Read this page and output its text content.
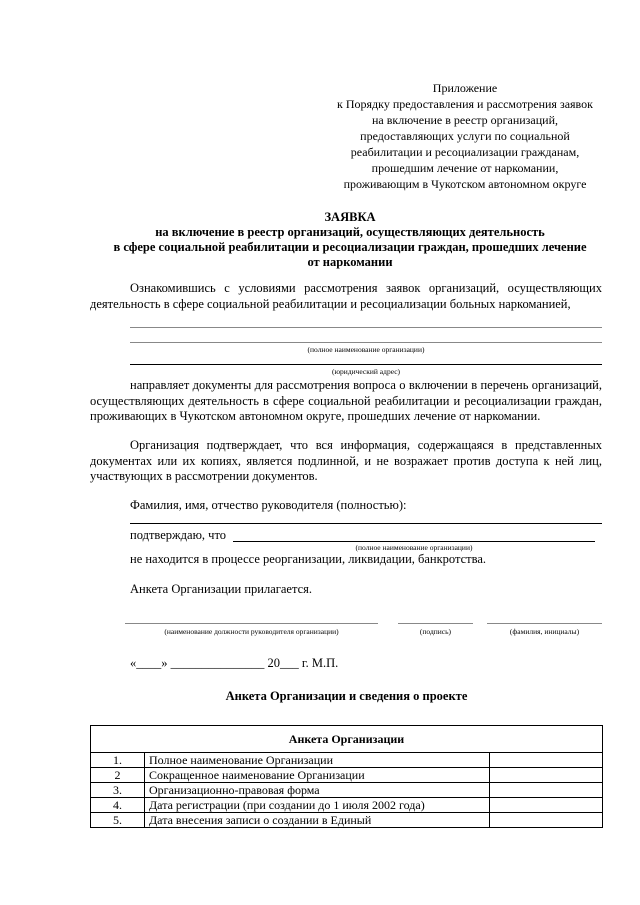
Приложение
к Порядку предоставления и рассмотрения заявок
на включение в реестр организаций,
предоставляющих услуги по социальной
реабилитации и ресоциализации гражданам,
прошедшим лечение от наркомании,
проживающим в Чукотском автономном округе
ЗАЯВКА
на включение в реестр организаций, осуществляющих деятельность
в сфере социальной реабилитации и ресоциализации граждан, прошедших лечение
от наркомании
Ознакомившись с условиями рассмотрения заявок организаций, осуществляющих деятельность в сфере социальной реабилитации и ресоциализации больных наркоманией,
(полное наименование организации)
(юридический адрес)
направляет документы для рассмотрения вопроса о включении в перечень организаций, осуществляющих деятельность в сфере социальной реабилитации и ресоциализации граждан, проживающих в Чукотском автономном округе, прошедших лечение от наркомании.
Организация подтверждает, что вся информация, содержащаяся в представленных документах или их копиях, является подлинной, и не возражает против доступа к ней лиц, участвующих в рассмотрении документов.
Фамилия, имя, отчество руководителя (полностью):
подтверждаю, что
(полное наименование организации)
не находится в процессе реорганизации, ликвидации, банкротства.
Анкета Организации прилагается.
(наименование должности руководителя организации)	(подпись)	(фамилия, инициалы)
«____» _______________ 20___ г. М.П.
Анкета Организации и сведения о проекте
Анкета Организации		
1.	Полное наименование Организации	
2	Сокращенное наименование Организации	
3.	Организационно-правовая форма	
4.	Дата регистрации (при создании до 1 июля 2002 года)	
5.	Дата внесения записи о создании в Единый	
